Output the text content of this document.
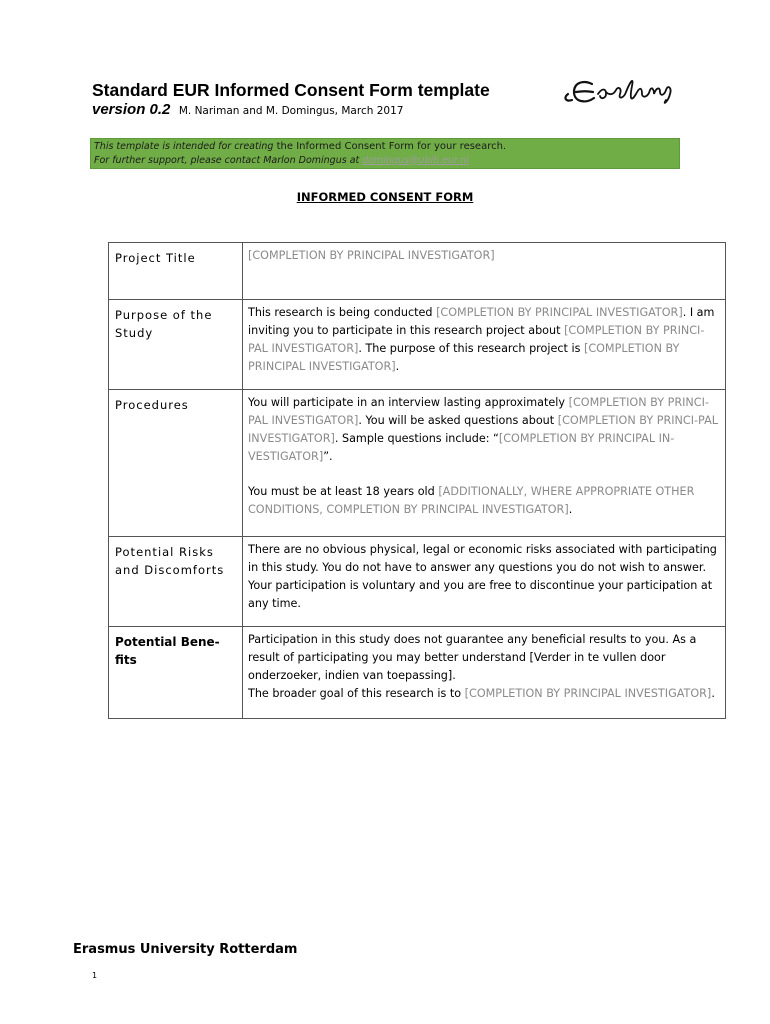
Standard EUR Informed Consent Form template
version 0.2 M. Nariman and M. Domingus, March 2017	Erasmus
This template is intended for creating the Informed Consent Form for your research.
For further support, please contact Marlon Domingus at domingus@ubib.eur.nl
INFORMED CONSENT FORM
Project Title	[COMPLETION BY PRINCIPAL INVESTIGATOR]
Purpose of the Study	This research is being conducted [COMPLETION BY PRINCIPAL INVESTIGATOR]. I am inviting you to participate in this research project about [COMPLETION BY PRINCI-PAL INVESTIGATOR]. The purpose of this research project is [COMPLETION BY PRINCIPAL INVESTIGATOR].
Procedures	You will participate in an interview lasting approximately [COMPLETION BY PRINCI-PAL INVESTIGATOR]. You will be asked questions about [COMPLETION BY PRINCI-PAL INVESTIGATOR]. Sample questions include: “[COMPLETION BY PRINCIPAL IN-VESTIGATOR]”.

You must be at least 18 years old [ADDITIONALLY, WHERE APPROPRIATE OTHER CONDITIONS, COMPLETION BY PRINCIPAL INVESTIGATOR].

Potential Risks and Discomforts	There are no obvious physical, legal or economic risks associated with participating in this study. You do not have to answer any questions you do not wish to answer. Your participation is voluntary and you are free to discontinue your participation at any time.
Potential Bene-fits	Participation in this study does not guarantee any beneficial results to you. As a result of participating you may better understand [Verder in te vullen door onderzoeker, indien van toepassing].
The broader goal of this research is to [COMPLETION BY PRINCIPAL INVESTIGATOR].
Erasmus University Rotterdam
1
